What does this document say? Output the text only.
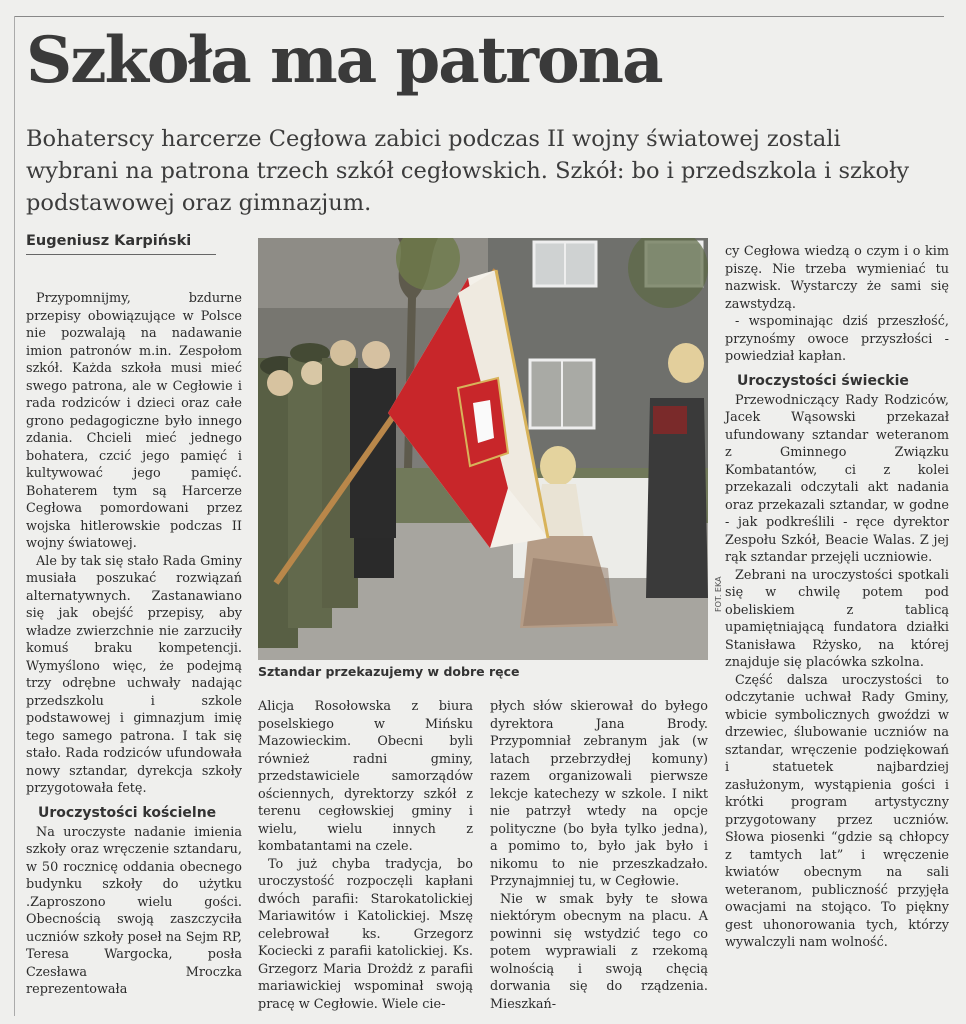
Szkoła ma patrona
Bohaterscy harcerze Cegłowa zabici podczas II wojny światowej zostali wybrani na patrona trzech szkół cegłowskich. Szkół: bo i przedszkola i szkoły podstawowej oraz gimnazjum.
Eugeniusz Karpiński

Przypomnijmy, bzdurne przepisy obowiązujące w Polsce nie pozwalają na nadawanie imion patronów m.in. Zespołom szkół. Każda szkoła musi mieć swego patrona, ale w Cegłowie i rada rodziców i dzieci oraz całe grono pedagogiczne było innego zdania. Chcieli mieć jednego bohatera, czcić jego pamięć i kultywować jego pamięć. Bohaterem tym są Harcerze Cegłowa pomordowani przez wojska hitlerowskie podczas II wojny światowej.

Ale by tak się stało Rada Gminy musiała poszukać rozwiązań alternatywnych. Zastanawiano się jak obejść przepisy, aby władze zwierzchnie nie zarzuciły komuś braku kompetencji. Wymyślono więc, że podejmą trzy odrębne uchwały nadając przedszkolu i szkole podstawowej i gimnazjum imię tego samego patrona. I tak się stało. Rada rodziców ufundowała nowy sztandar, dyrekcja szkoły przygotowała fetę.

Uroczystości kościelne

Na uroczyste nadanie imienia szkoły oraz wręczenie sztandaru, w 50 rocznicę oddania obecnego budynku szkoły do użytku .Zaproszono wielu gości. Obecnością swoją zaszczyciła uczniów szkoły poseł na Sejm RP, Teresa Wargocka, posła Czesława Mroczka reprezentowała

FOT. EKA
Sztandar przekazujemy w dobre ręce

Alicja Rosołowska z biura poselskiego w Mińsku Mazowieckim. Obecni byli również radni gminy, przedstawiciele samorządów ościennych, dyrektorzy szkół z terenu cegłowskiej gminy i wielu, wielu innych z kombatantami na czele.

To już chyba tradycja, bo uroczystość rozpoczęli kapłani dwóch parafii: Starokatolickiej Mariawitów i Katolickiej. Mszę celebrował ks. Grzegorz Kociecki z parafii katolickiej. Ks. Grzegorz Maria Drożdż z parafii mariawickiej wspominał swoją pracę w Cegłowie. Wiele cie-

płych słów skierował do byłego dyrektora Jana Brody. Przypomniał zebranym jak (w latach przebrzydłej komuny) razem organizowali pierwsze lekcje katechezy w szkole. I nikt nie patrzył wtedy na opcje polityczne (bo była tylko jedna), a pomimo to, było jak było i nikomu to nie przeszkadzało. Przynajmniej tu, w Cegłowie.

Nie w smak były te słowa niektórym obecnym na placu. A powinni się wstydzić tego co potem wyprawiali z rzekomą wolnością i swoją chęcią dorwania się do rządzenia. Mieszkań-

cy Cegłowa wiedzą o czym i o kim piszę. Nie trzeba wymieniać tu nazwisk. Wystarczy że sami się zawstydzą.

- wspominając dziś przeszłość, przynośmy owoce przyszłości - powiedział kapłan.

Uroczystości świeckie

Przewodniczący Rady Rodziców, Jacek Wąsowski przekazał ufundowany sztandar weteranom z Gminnego Związku Kombatantów, ci z kolei przekazali odczytali akt nadania oraz przekazali sztandar, w godne - jak podkreślili - ręce dyrektor Zespołu Szkół, Beacie Walas. Z jej rąk sztandar przejęli uczniowie.

Zebrani na uroczystości spotkali się w chwilę potem pod obeliskiem z tablicą upamiętniającą fundatora działki Stanisława Rżysko, na której znajduje się placówka szkolna.

Część dalsza uroczystości to odczytanie uchwał Rady Gminy, wbicie symbolicznych gwoździ w drzewiec, ślubowanie uczniów na sztandar, wręczenie podziękowań i statuetek najbardziej zasłużonym, wystąpienia gości i krótki program artystyczny przygotowany przez uczniów. Słowa piosenki “gdzie są chłopcy z tamtych lat” i wręczenie kwiatów obecnym na sali weteranom, publiczność przyjęła owacjami na stojąco. To piękny gest uhonorowania tych, którzy wywalczyli nam wolność.
